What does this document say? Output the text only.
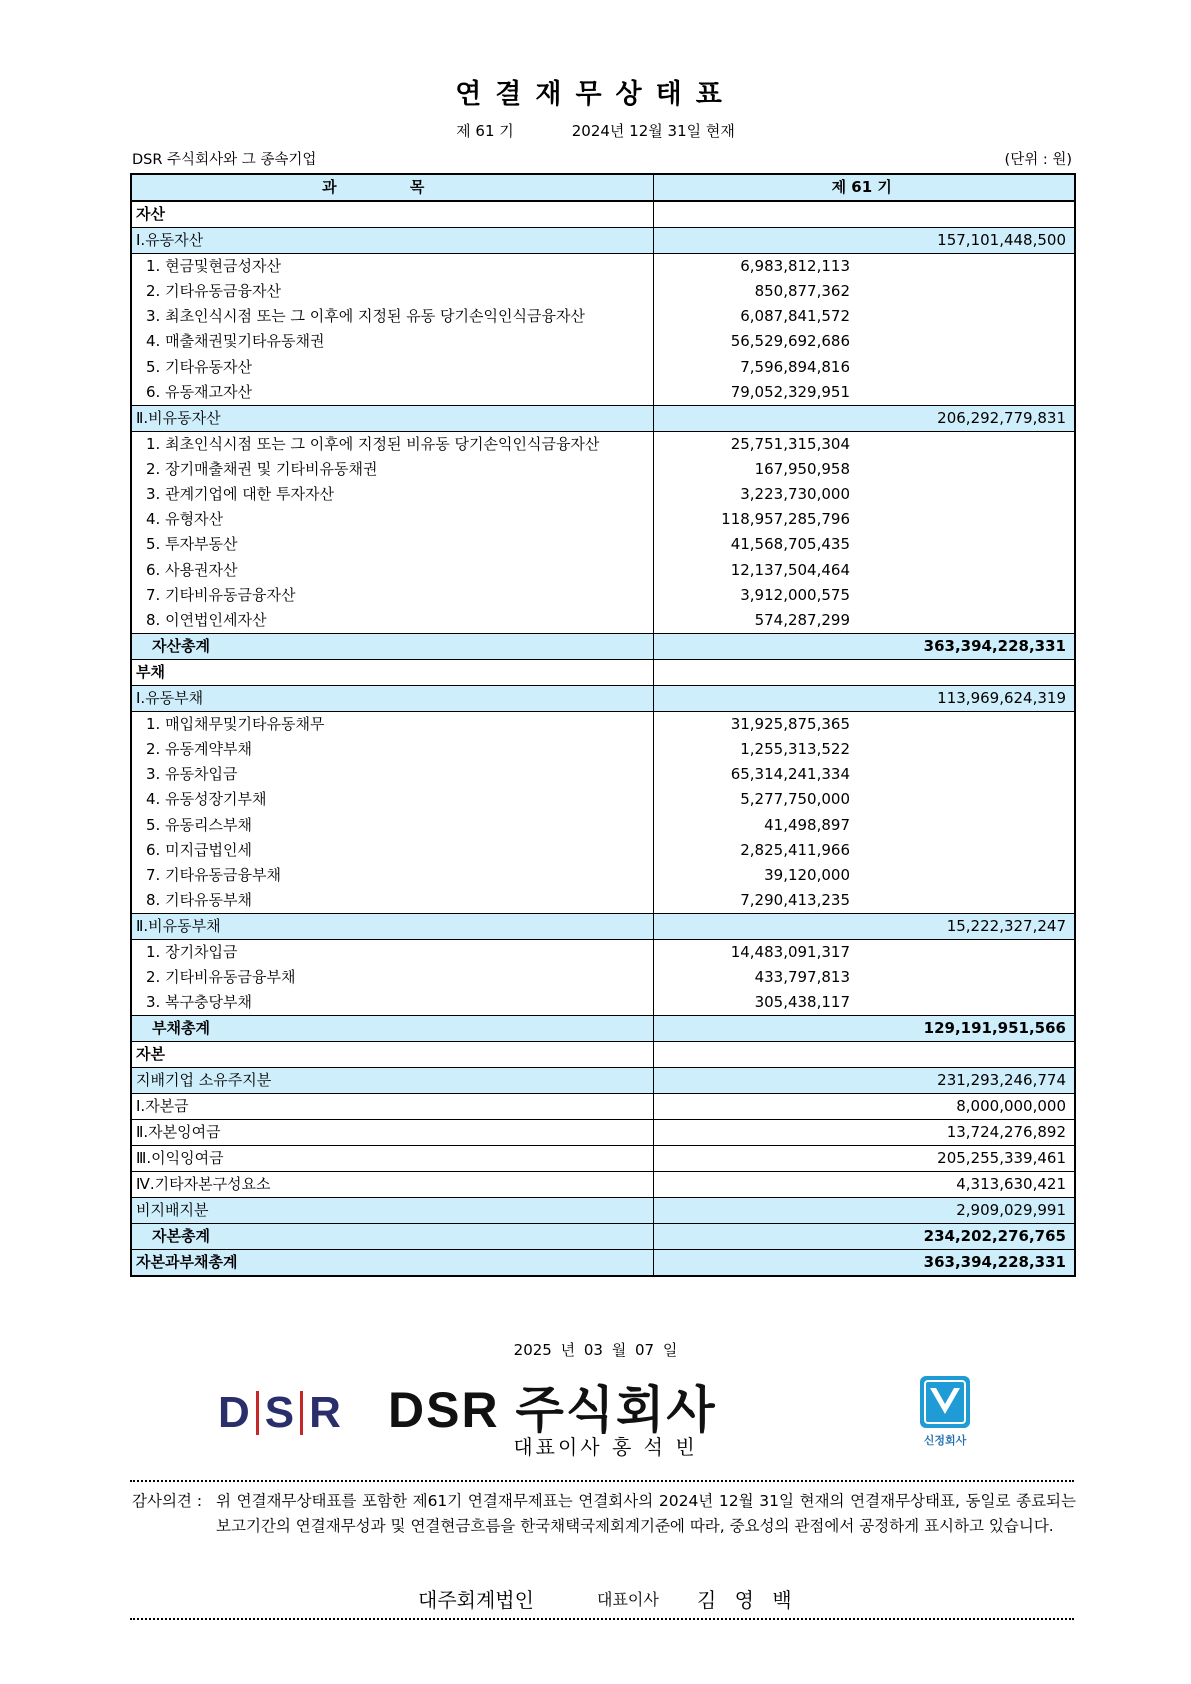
연결재무상태표
제 61 기	2024년 12월 31일 현재
DSR 주식회사와 그 종속기업	(단위 : 원)
과 목	제 61 기
자산	

Ⅰ.유동자산	157,101,448,500

1. 현금및현금성자산	6,983,812,113

2. 기타유동금융자산	850,877,362

3. 최초인식시점 또는 그 이후에 지정된 유동 당기손익인식금융자산	6,087,841,572

4. 매출채권및기타유동채권	56,529,692,686

5. 기타유동자산	7,596,894,816

6. 유동재고자산	79,052,329,951

Ⅱ.비유동자산	206,292,779,831

1. 최초인식시점 또는 그 이후에 지정된 비유동 당기손익인식금융자산	25,751,315,304

2. 장기매출채권 및 기타비유동채권	167,950,958

3. 관계기업에 대한 투자자산	3,223,730,000

4. 유형자산	118,957,285,796

5. 투자부동산	41,568,705,435

6. 사용권자산	12,137,504,464

7. 기타비유동금융자산	3,912,000,575

8. 이연법인세자산	574,287,299

자산총계	363,394,228,331

부채	

Ⅰ.유동부채	113,969,624,319

1. 매입채무및기타유동채무	31,925,875,365

2. 유동계약부채	1,255,313,522

3. 유동차입금	65,314,241,334

4. 유동성장기부채	5,277,750,000

5. 유동리스부채	41,498,897

6. 미지급법인세	2,825,411,966

7. 기타유동금융부채	39,120,000

8. 기타유동부채	7,290,413,235

Ⅱ.비유동부채	15,222,327,247

1. 장기차입금	14,483,091,317

2. 기타비유동금융부채	433,797,813

3. 복구충당부채	305,438,117

부채총계	129,191,951,566

자본	

지배기업 소유주지분	231,293,246,774

Ⅰ.자본금	8,000,000,000

Ⅱ.자본잉여금	13,724,276,892

Ⅲ.이익잉여금	205,255,339,461

Ⅳ.기타자본구성요소	4,313,630,421

비지배지분	2,909,029,991

자본총계	234,202,276,765

자본과부채총계	363,394,228,331
2025 년 03 월 07 일
D S R DSR 주식회사
대표이사 홍 석 빈	신정회사
감사의견 : 위 연결재무상태표를 포함한 제61기 연결재무제표는 연결회사의 2024년 12월 31일 현재의 연결재무상태표, 동일로 종료되는 보고기간의 연결재무성과 및 연결현금흐름을 한국채택국제회계기준에 따라, 중요성의 관점에서 공정하게 표시하고 있습니다.
대주회계법인	대표이사 김 영 백
